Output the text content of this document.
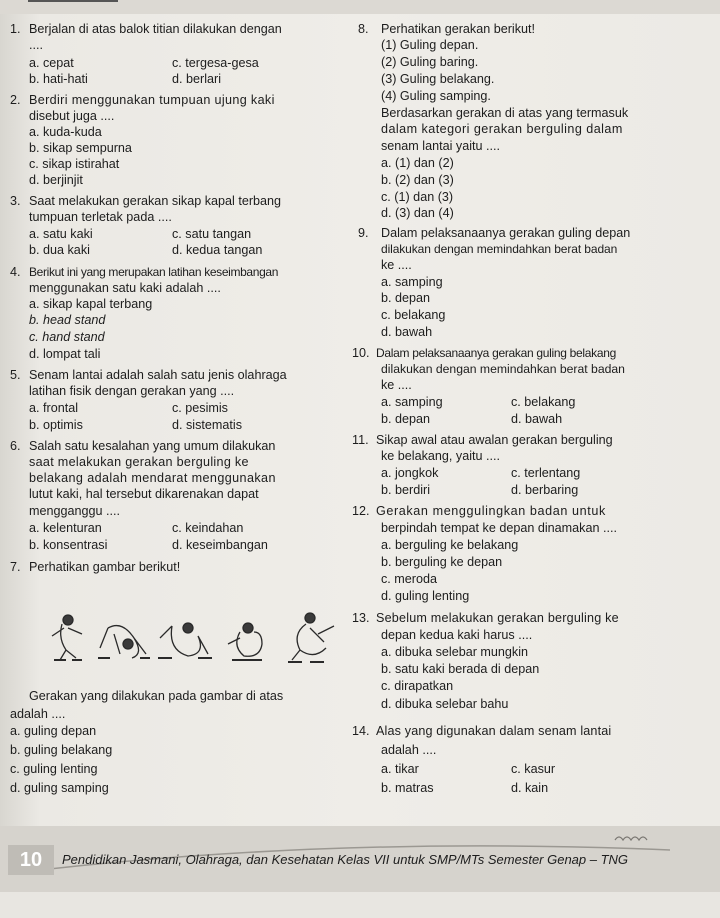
1. Berjalan di atas balok titian dilakukan dengan
....
a. cepat	c. tergesa-gesa
b. hati-hati	d. berlari
2. Berdiri menggunakan tumpuan ujung kaki
disebut juga ....
a. kuda-kuda
b. sikap sempurna
c. sikap istirahat
d. berjinjit
3. Saat melakukan gerakan sikap kapal terbang
tumpuan terletak pada ....
a. satu kaki	c. satu tangan
b. dua kaki	d. kedua tangan
4. Berikut ini yang merupakan latihan keseimbangan
menggunakan satu kaki adalah ....
a. sikap kapal terbang
b. head stand
c. hand stand
d. lompat tali
5. Senam lantai adalah salah satu jenis olahraga
latihan fisik dengan gerakan yang ....
a. frontal	c. pesimis
b. optimis	d. sistematis
6. Salah satu kesalahan yang umum dilakukan
saat melakukan gerakan berguling ke
belakang adalah mendarat menggunakan
lutut kaki, hal tersebut dikarenakan dapat
mengganggu ....
a. kelenturan	c. keindahan
b. konsentrasi	d. keseimbangan
7. Perhatikan gambar berikut!
Gerakan yang dilakukan pada gambar di atas
adalah ....
a. guling depan
b. guling belakang
c. guling lenting
d. guling samping
8. Perhatikan gerakan berikut!
(1) Guling depan.
(2) Guling baring.
(3) Guling belakang.
(4) Guling samping.
Berdasarkan gerakan di atas yang termasuk
dalam kategori gerakan berguling dalam
senam lantai yaitu ....
a. (1) dan (2)
b. (2) dan (3)
c. (1) dan (3)
d. (3) dan (4)
9. Dalam pelaksanaanya gerakan guling depan
dilakukan dengan memindahkan berat badan
ke ....
a. samping
b. depan
c. belakang
d. bawah
10. Dalam pelaksanaanya gerakan guling belakang
dilakukan dengan memindahkan berat badan
ke ....
a. samping	c. belakang
b. depan	d. bawah
11. Sikap awal atau awalan gerakan berguling
ke belakang, yaitu ....
a. jongkok	c. terlentang
b. berdiri	d. berbaring
12. Gerakan menggulingkan badan untuk
berpindah tempat ke depan dinamakan ....
a. berguling ke belakang
b. berguling ke depan
c. meroda
d. guling lenting
13. Sebelum melakukan gerakan berguling ke
depan kedua kaki harus ....
a. dibuka selebar mungkin
b. satu kaki berada di depan
c. dirapatkan
d. dibuka selebar bahu
14. Alas yang digunakan dalam senam lantai
adalah ....
a. tikar	c. kasur
b. matras	d. kain
10	Pendidikan Jasmani, Olahraga, dan Kesehatan Kelas VII untuk SMP/MTs Semester Genap – TNG
